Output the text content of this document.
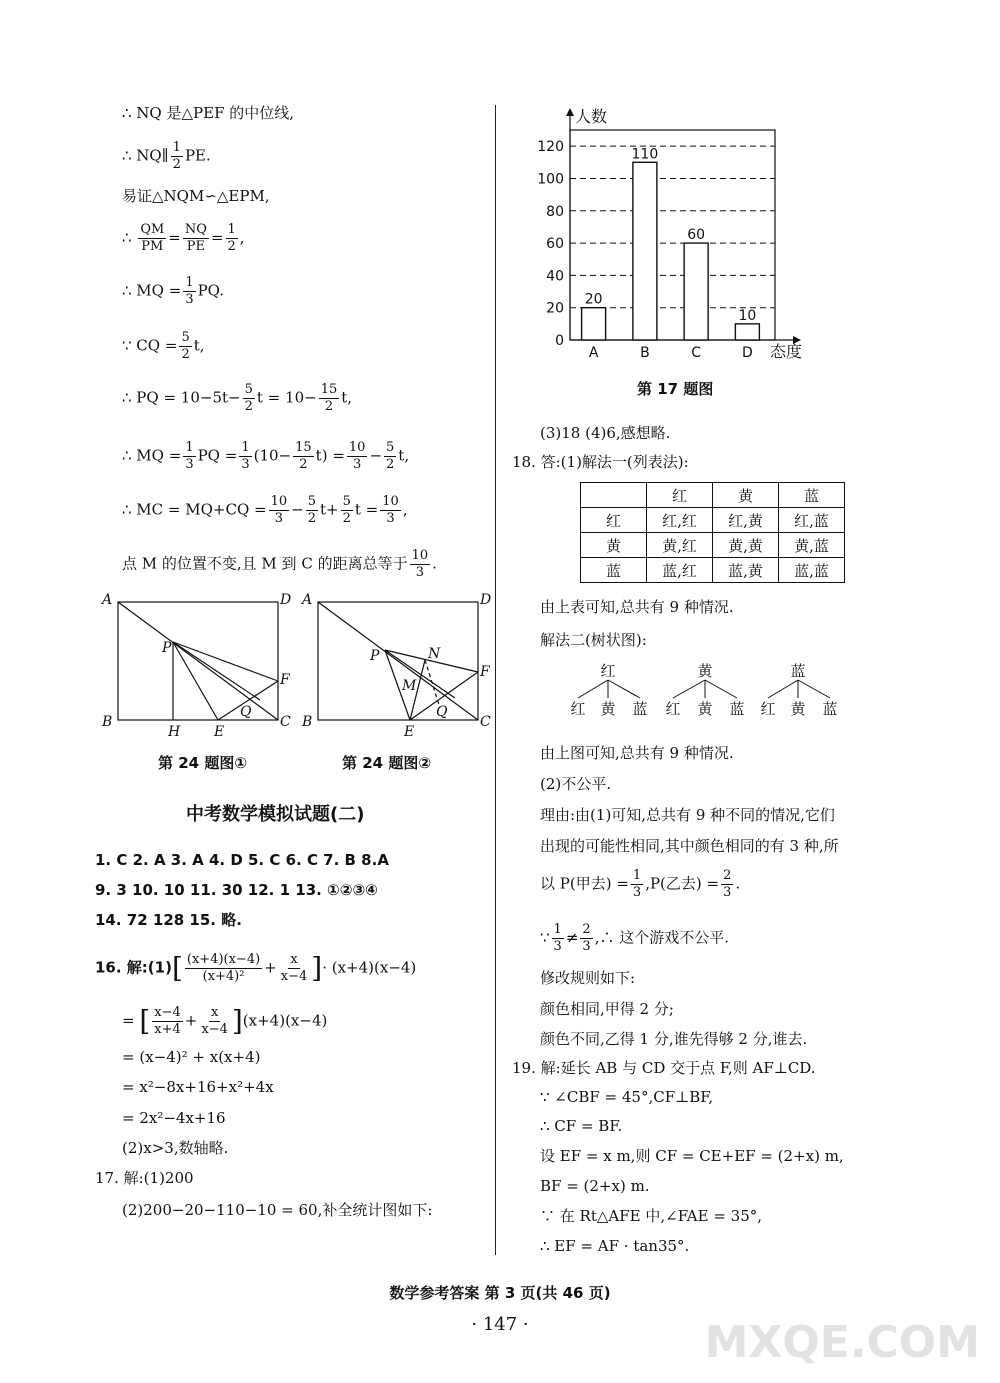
∴ NQ 是△PEF 的中位线,
∴ NQ∥ $\frac{1}{2}$ PE.
易证△NQM∽△EPM,
∴ $\frac{QM}{PM} = \frac{NQ}{PE} = \frac{1}{2}$ ,
∴ MQ = $\frac{1}{3}$ PQ.
∵ CQ = $\frac{5}{2} t$,
∴ PQ = $10-5t- \frac{5}{2}$ $t = 10- \frac{15}{2} t$,
∴ MQ = $\frac{1}{3}$ PQ = $\frac{1}{3} (10- \frac{15}{2} t) = \frac{10}{3} - \frac{5}{2} t$,
∴ MC = $MQ+CQ = \frac{10}{3} - \frac{5}{2} t+ \frac{5}{2}$ $t = \frac{10}{3}$ ,
点 M 的位置不变,且 M 到 C 的距离总等于 $\frac{10}{3}$ .
A	D
B	C
P
F
H E
Q
A	D
B	C
P
F
E
N
M
Q
第 24 题图①	第 24 题图②
中考数学模拟试题(二)
1. C 2. A 3. A 4. D 5. C 6. C 7. B 8.A
9. 3 10. 10 11. 30 12. 1 13. ①②③④
14. 72 128 15. 略.
16. 解:(1)[ $\frac{(x+4)(x-4)}{\text{(x+4)²}} + \frac{x}{x-4}$ ]· (x+4)(x−4)
= [ $\frac{x-4}{x+4} + \frac{x}{x-4} ](x+4)(x-4)$
= (x−4)² + x(x+4)
= x²−8x+16+x²+4x
= 2x²−4x+16
(2)x>3,数轴略.
17. 解:(1)200
(2)200−20−110−10 = 60,补全统计图如下:
人数
态度
0
20
40
60
80
100
120
A	B	C	D
20
110
60
10
第 17 题图
(3)18 (4)6,感想略.
18. 答:(1)解法一(列表法):
	红	黄	蓝
红	红,红	红,黄	红,蓝
黄	黄,红	黄,黄	黄,蓝
蓝	蓝,红	蓝,黄	蓝,蓝
由上表可知,总共有 9 种情况.
解法二(树状图):
红	黄	蓝
红 黄 蓝 红 黄 蓝 红 黄 蓝
由上图可知,总共有 9 种情况.
(2)不公平.
理由:由(1)可知,总共有 9 种不同的情况,它们
出现的可能性相同,其中颜色相同的有 3 种,所
以 P(甲去) = $\frac{1}{3} ,P$(乙去) = $\frac{2}{3}$ .
∵ $\frac{1}{3} \ne \frac{2}{3}$ ,∴ 这个游戏不公平.
修改规则如下:
颜色相同,甲得 2 分;
颜色不同,乙得 1 分,谁先得够 2 分,谁去.
19. 解:延长 AB 与 CD 交于点 F,则 AF⊥CD.
∵ ∠CBF = 45°,CF⊥BF,
∴ CF = BF.
设 EF = x m,则 CF = CE+EF = (2+x) m,
BF = (2+x) m.
∵ 在 Rt△AFE 中,∠FAE = 35°,
∴ EF = AF · tan35°.
数学参考答案 第 3 页(共 46 页)
· 147 ·	MXQE.COM
